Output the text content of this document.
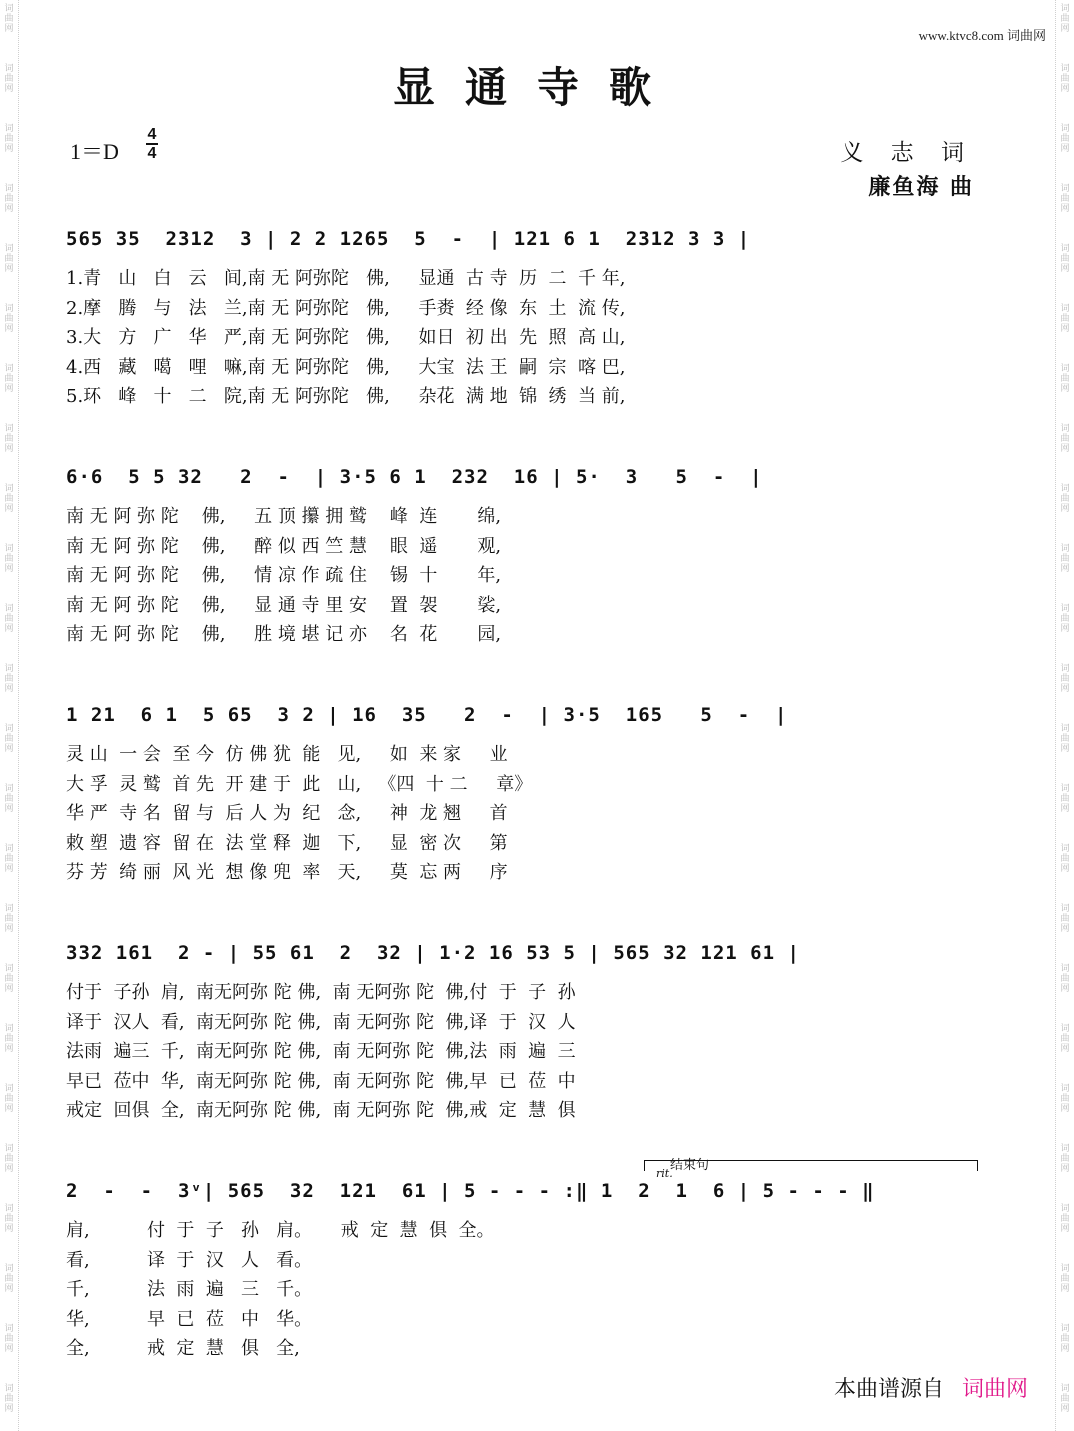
词
曲
网
词
曲
网
词
曲
网
词
曲
网
词
曲
网
词
曲
网
词
曲
网
词
曲
网
词
曲
网
词
曲
网
词
曲
网
词
曲
网
词
曲
网
词
曲
网
词
曲
网
词
曲
网
词
曲
网
词
曲
网
词
曲
网
词
曲
网
词
曲
网
词
曲
网
词
曲
网
词
曲
网
词
曲
网
词
曲
网
词
曲
网
词
曲
网
词
曲
网
词
曲
网
词
曲
网
词
曲
网
词
曲
网
词
曲
网
词
曲
网
词
曲
网
词
曲
网
词
曲
网
词
曲
网
词
曲
网
词
曲
网
词
曲
网
词
曲
网
词
曲
网
词
曲
网
词
曲
网
词
曲
网
词
曲
网
www.ktvc8.com 词曲网
显通寺歌
1＝D
4
4	义 志 词
廉鱼海 曲
565 35  2312  3 | 2 2 1265  5  -  | 121 6 1  2312 3 3 |
1.青   山   白   云   间,南 无 阿弥陀   佛,     显通  古 寺  历  二  千 年,
2.摩   腾   与   法   兰,南 无 阿弥陀   佛,     手赉  经 像  东  土  流 传,
3.大   方   广   华   严,南 无 阿弥陀   佛,     如日  初 出  先  照  高 山,
4.西   藏   噶   哩   嘛,南 无 阿弥陀   佛,     大宝  法 王  嗣  宗  喀 巴,
5.环   峰   十   二   院,南 无 阿弥陀   佛,     杂花  满 地  锦  绣  当 前,
6·6  5 5 32   2  -  | 3·5 6 1  232  16 | 5·  3   5  -  |
南 无 阿 弥 陀    佛,     五 顶 攥 拥 鹫    峰  连       绵,
南 无 阿 弥 陀    佛,     醉 似 西 竺 慧    眼  遥       观,
南 无 阿 弥 陀    佛,     情 凉 作 疏 住    锡  十       年,
南 无 阿 弥 陀    佛,     显 通 寺 里 安    置  袈       裟,
南 无 阿 弥 陀    佛,     胜 境 堪 记 亦    名  花       园,
1 21  6 1  5 65  3 2 | 16  35   2  -  | 3·5  165   5  -  |
灵 山  一 会  至 今  仿 佛 犹  能   见,     如  来 家     业
大 孚  灵 鹫  首 先  开 建 于  此   山,   《四  十 二     章》
华 严  寺 名  留 与  后 人 为  纪   念,     神  龙 翘     首
敕 塑  遗 容  留 在  法 堂 释  迦   下,     显  密 次     第
芬 芳  绮 丽  风 光  想 像 兜  率   天,     莫  忘 两     序
332 161  2 - | 55 61  2  32 | 1·2 16 53 5 | 565 32 121 61 |
付于  子孙  肩,  南无阿弥 陀 佛,  南 无阿弥 陀  佛,付  于  子  孙
译于  汉人  看,  南无阿弥 陀 佛,  南 无阿弥 陀  佛,译  于  汉  人
法雨  遍三  千,  南无阿弥 陀 佛,  南 无阿弥 陀  佛,法  雨  遍  三
早已  莅中  华,  南无阿弥 陀 佛,  南 无阿弥 陀  佛,早  已  莅  中
戒定  回俱  全,  南无阿弥 陀 佛,  南 无阿弥 陀  佛,戒  定  慧  俱
结束句
rit.
2  -  -  3ᵛ| 565  32  121  61 | 5 - - - :‖ 1  2  1  6 | 5 - - - ‖
肩,          付  于  子   孙   肩。     戒  定  慧  俱  全。
看,          译  于  汉   人   看。
千,          法  雨  遍   三   千。
华,          早  已  莅   中   华。
全,          戒  定  慧   俱   全,
本曲谱源自 词曲网
